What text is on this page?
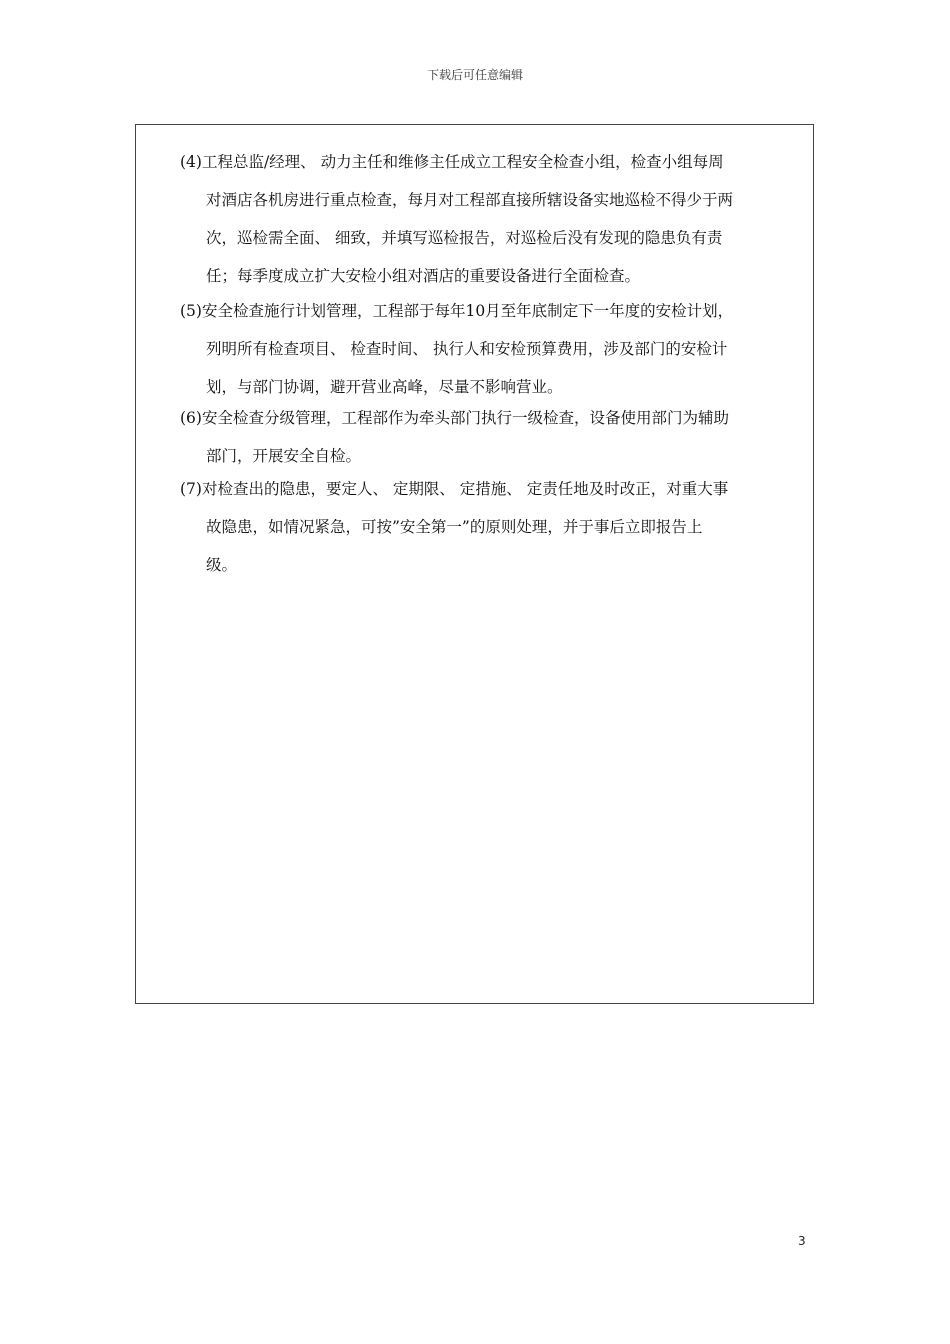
下载后可任意编辑
(4)工程总监/经理、 动力主任和维修主任成立工程安全检查小组，检查小组每周
对酒店各机房进行重点检查，每月对工程部直接所辖设备实地巡检不得少于两
次，巡检需全面、 细致，并填写巡检报告，对巡检后没有发现的隐患负有责
任；每季度成立扩大安检小组对酒店的重要设备进行全面检查。
(5)安全检查施行计划管理，工程部于每年10月至年底制定下一年度的安检计划，
列明所有检查项目、 检查时间、 执行人和安检预算费用，涉及部门的安检计
划，与部门协调，避开营业高峰，尽量不影响营业。
(6)安全检查分级管理，工程部作为牵头部门执行一级检查，设备使用部门为辅助
部门，开展安全自检。
(7)对检查出的隐患，要定人、 定期限、 定措施、 定责任地及时改正，对重大事
故隐患，如情况紧急，可按”安全第一”的原则处理，并于事后立即报告上
级。
3
